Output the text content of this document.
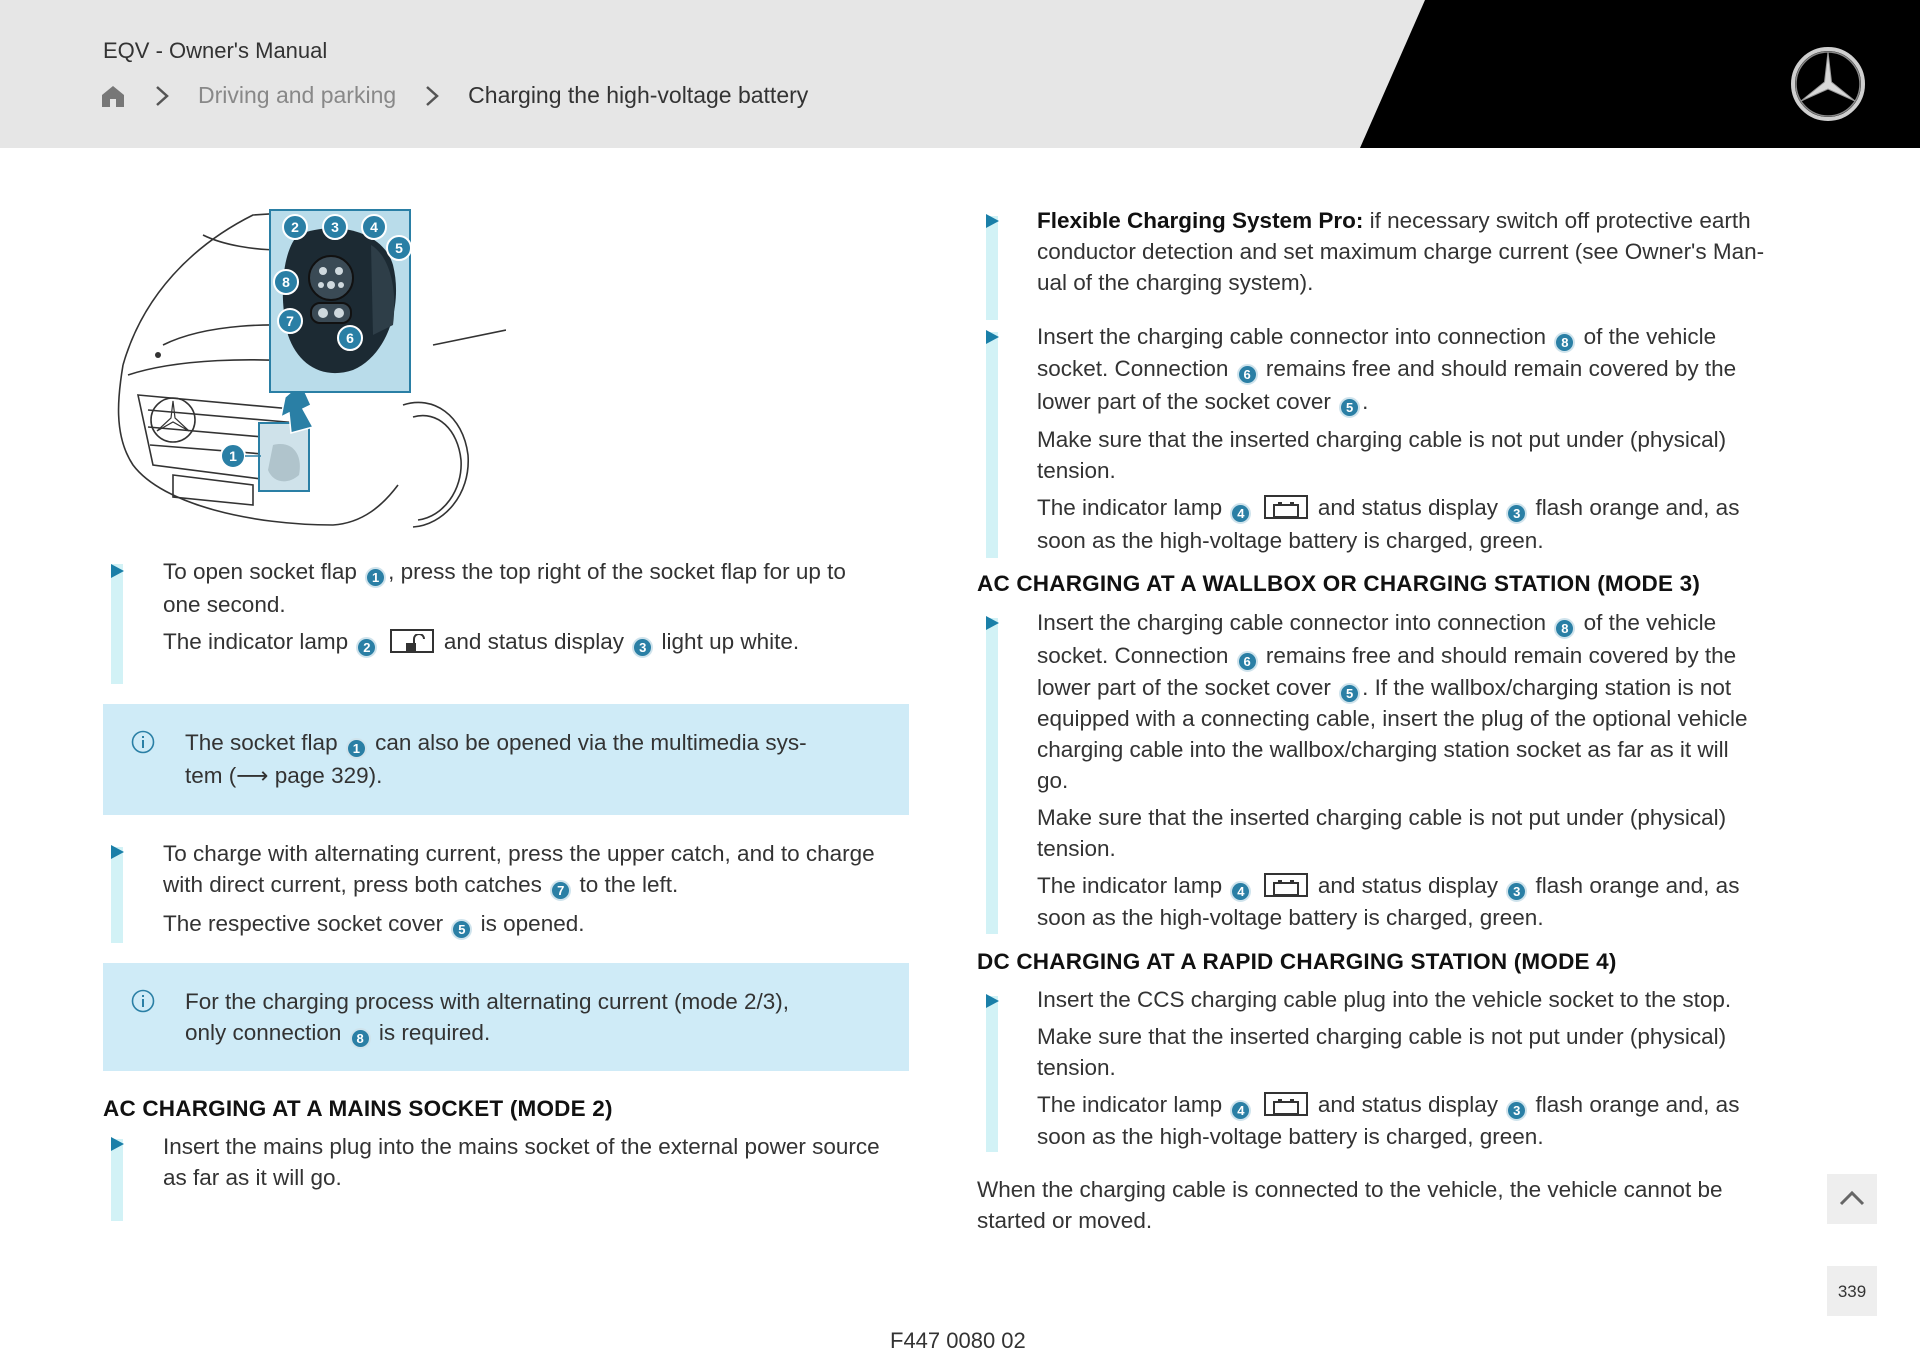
EQV - Owner's Manual
Driving and parking	Charging the high-voltage battery
2 3 4
5
6
7
8
1
To open socket flap 1 , press the top right of the socket flap for up to
one second.
The indicator lamp 2	and status display 3 light up white.
The socket flap 1 can also be opened via the multimedia sys-
tem (⟶ page 329).
To charge with alternating current, press the upper catch, and to charge
with direct current, press both catches 7 to the left.
The respective socket cover 5 is opened.
For the charging process with alternating current (mode 2/3),
only connection 8 is required.
AC CHARGING AT A MAINS SOCKET (MODE 2)
Insert the mains plug into the mains socket of the external power source
as far as it will go.
Flexible Charging System Pro: if necessary switch off protective earth
conductor detection and set maximum charge current (see Owner's Man-
ual of the charging system).
Insert the charging cable connector into connection 8 of the vehicle
socket. Connection 6 remains free and should remain covered by the
lower part of the socket cover 5 .
Make sure that the inserted charging cable is not put under (physical)
tension.
The indicator lamp 4	and status display 3 flash orange and, as
soon as the high-voltage battery is charged, green.
AC CHARGING AT A WALLBOX OR CHARGING STATION (MODE 3)
Insert the charging cable connector into connection 8 of the vehicle
socket. Connection 6 remains free and should remain covered by the
lower part of the socket cover 5 . If the wallbox/charging station is not
equipped with a connecting cable, insert the plug of the optional vehicle
charging cable into the wallbox/charging station socket as far as it will
go.
Make sure that the inserted charging cable is not put under (physical)
tension.
The indicator lamp 4	and status display 3 flash orange and, as
soon as the high-voltage battery is charged, green.
DC CHARGING AT A RAPID CHARGING STATION (MODE 4)
Insert the CCS charging cable plug into the vehicle socket to the stop.
Make sure that the inserted charging cable is not put under (physical)
tension.
The indicator lamp 4	and status display 3 flash orange and, as
soon as the high-voltage battery is charged, green.
When the charging cable is connected to the vehicle, the vehicle cannot be
started or moved.
F447 0080 02
339
